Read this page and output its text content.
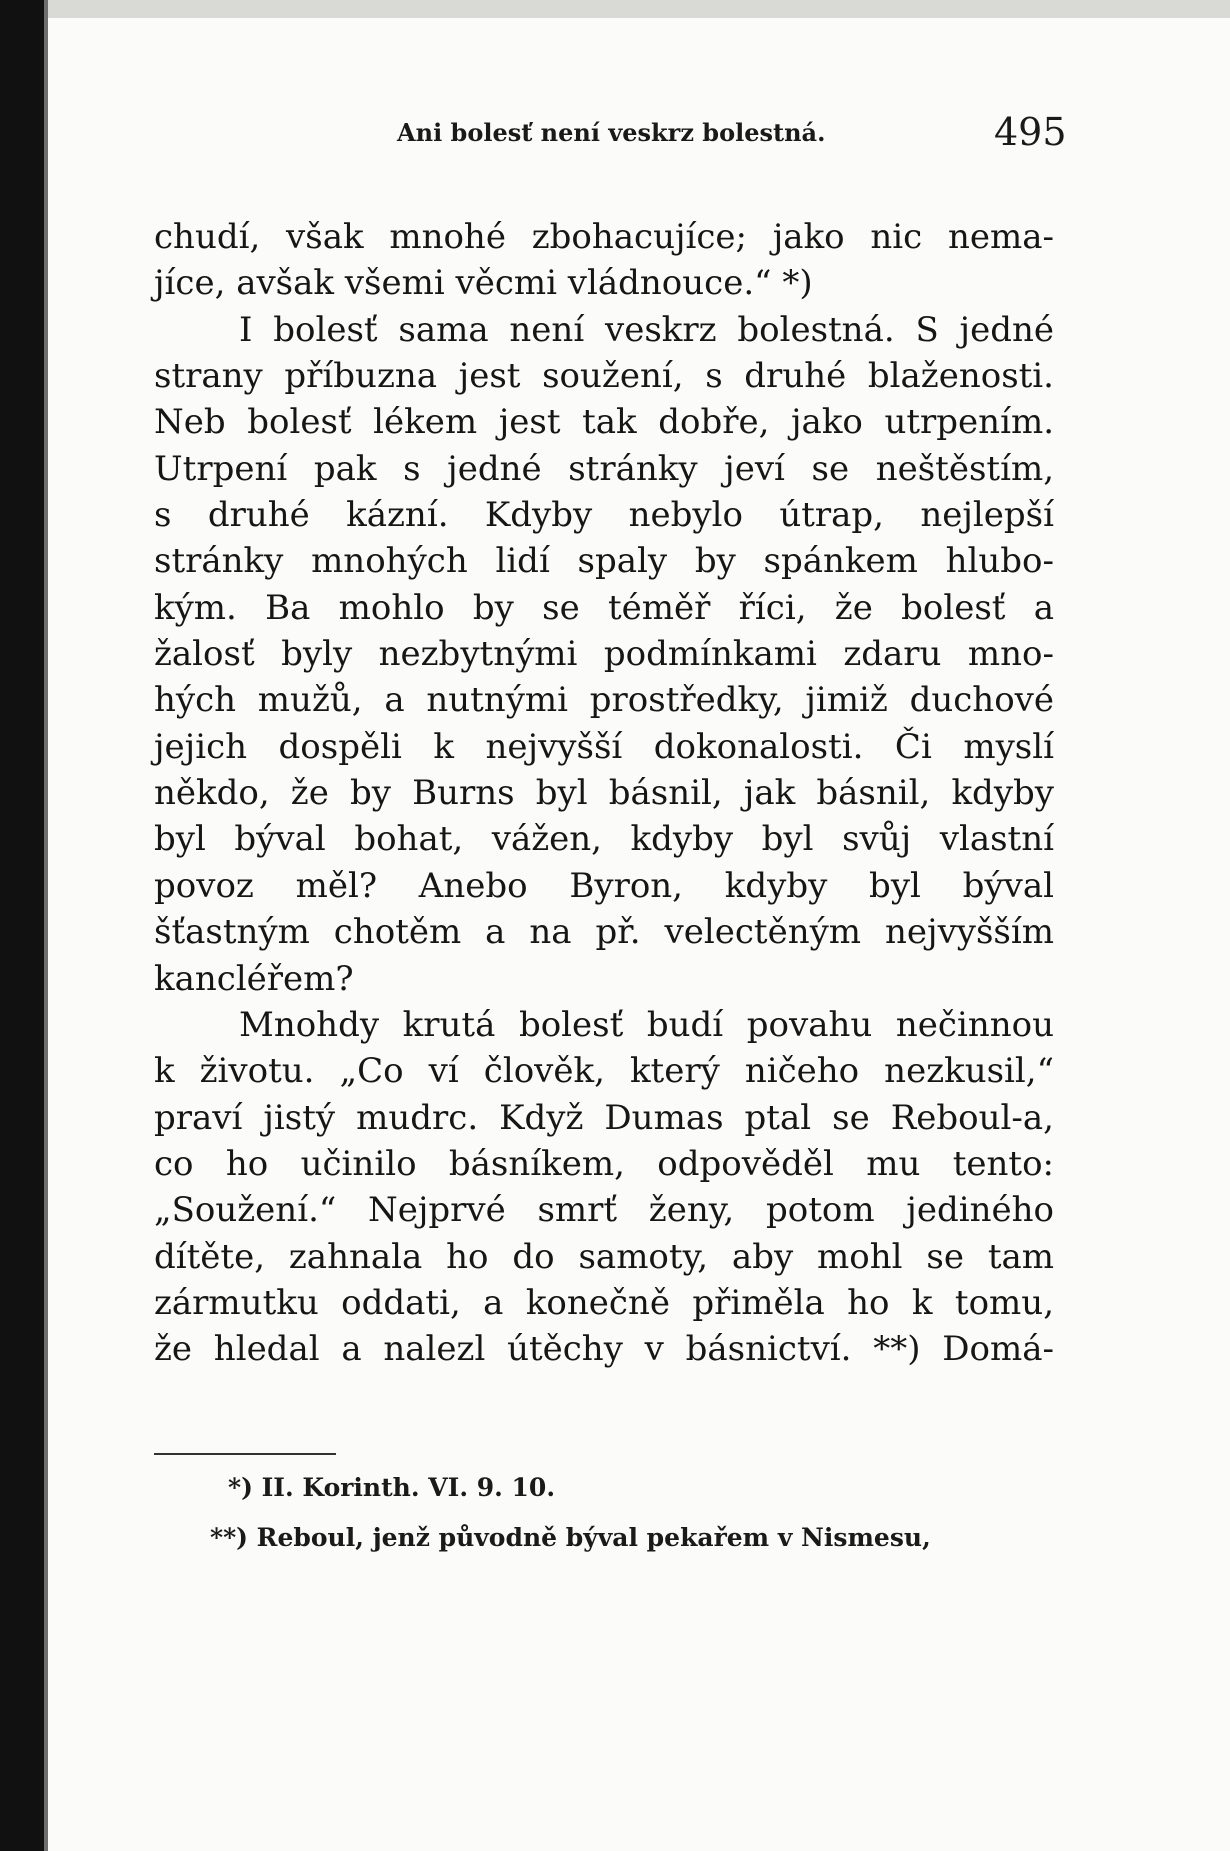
Ani bolesť není veskrz bolestná.	495
chudí, však mnohé zbohacujíce; jako nic nema-
jíce, avšak všemi věcmi vládnouce.“ *)
I bolesť sama není veskrz bolestná. S jedné
strany příbuzna jest soužení, s druhé blaženosti.
Neb bolesť lékem jest tak dobře, jako utrpením.
Utrpení pak s jedné stránky jeví se neštěstím,
s druhé kázní. Kdyby nebylo útrap, nejlepší
stránky mnohých lidí spaly by spánkem hlubo-
kým. Ba mohlo by se téměř říci, že bolesť a
žalosť byly nezbytnými podmínkami zdaru mno-
hých mužů, a nutnými prostředky, jimiž duchové
jejich dospěli k nejvyšší dokonalosti. Či myslí
někdo, že by Burns byl básnil, jak básnil, kdyby
byl býval bohat, vážen, kdyby byl svůj vlastní
povoz měl? Anebo Byron, kdyby byl býval
šťastným chotěm a na př. velectěným nejvyšším
kancléřem?
Mnohdy krutá bolesť budí povahu nečinnou
k životu. „Co ví člověk, který ničeho nezkusil,“
praví jistý mudrc. Když Dumas ptal se Reboul-a,
co ho učinilo básníkem, odpověděl mu tento:
„Soužení.“ Nejprvé smrť ženy, potom jediného
dítěte, zahnala ho do samoty, aby mohl se tam
zármutku oddati, a konečně přiměla ho k tomu,
že hledal a nalezl útěchy v básnictví. **) Domá-
*) II. Korinth. VI. 9. 10.
**) Reboul, jenž původně býval pekařem v Nismesu,
